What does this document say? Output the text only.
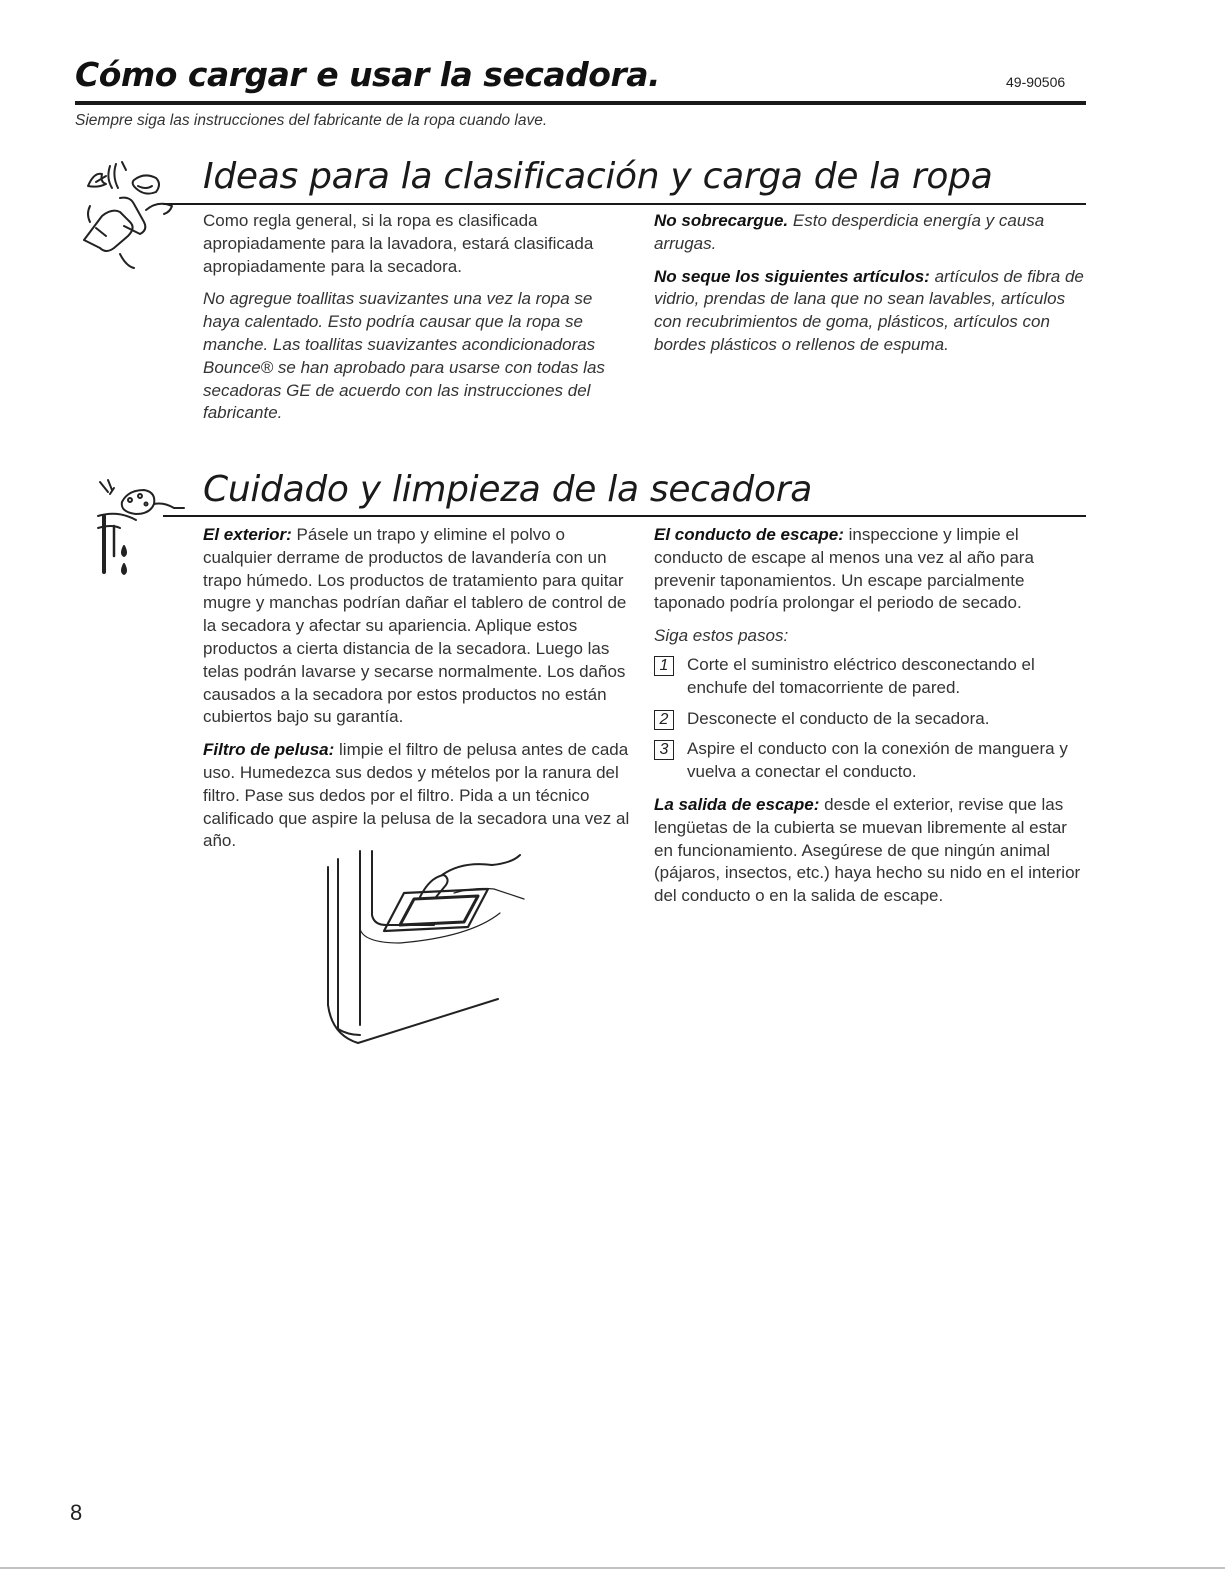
Cómo cargar e usar la secadora.	49-90506
Siempre siga las instrucciones del fabricante de la ropa cuando lave.
Ideas para la clasificación y carga de la ropa

Como regla general, si la ropa es clasificada apropiadamente para la lavadora, estará clasificada apropiadamente para la secadora.

No agregue toallitas suavizantes una vez la ropa se haya calentado. Esto podría causar que la ropa se manche. Las toallitas suavizantes acondicionadoras Bounce® se han aprobado para usarse con todas las secadoras GE de acuerdo con las instrucciones del fabricante.

No sobrecargue. Esto desperdicia energía y causa arrugas.

No seque los siguientes artículos: artículos de fibra de vidrio, prendas de lana que no sean lavables, artículos con recubrimientos de goma, plásticos, artículos con bordes plásticos o rellenos de espuma.

Cuidado y limpieza de la secadora

El exterior: Pásele un trapo y elimine el polvo o cualquier derrame de productos de lavandería con un trapo húmedo. Los productos de tratamiento para quitar mugre y manchas podrían dañar el tablero de control de la secadora y afectar su apariencia. Aplique estos productos a cierta distancia de la secadora. Luego las telas podrán lavarse y secarse normalmente. Los daños causados a la secadora por estos productos no están cubiertos bajo su garantía.

Filtro de pelusa: limpie el filtro de pelusa antes de cada uso. Humedezca sus dedos y mételos por la ranura del filtro. Pase sus dedos por el filtro. Pida a un técnico calificado que aspire la pelusa de la secadora una vez al año.

El conducto de escape: inspeccione y limpie el conducto de escape al menos una vez al año para prevenir taponamientos. Un escape parcialmente taponado podría prolongar el periodo de secado.

Siga estos pasos:

1	Corte el suministro eléctrico desconectando el enchufe del tomacorriente de pared.
2	Desconecte el conducto de la secadora.
3	Aspire el conducto con la conexión de manguera y vuelva a conectar el conducto.

La salida de escape: desde el exterior, revise que las lengüetas de la cubierta se muevan libremente al estar en funcionamiento. Asegúrese de que ningún animal (pájaros, insectos, etc.) haya hecho su nido en el interior del conducto o en la salida de escape.

8
